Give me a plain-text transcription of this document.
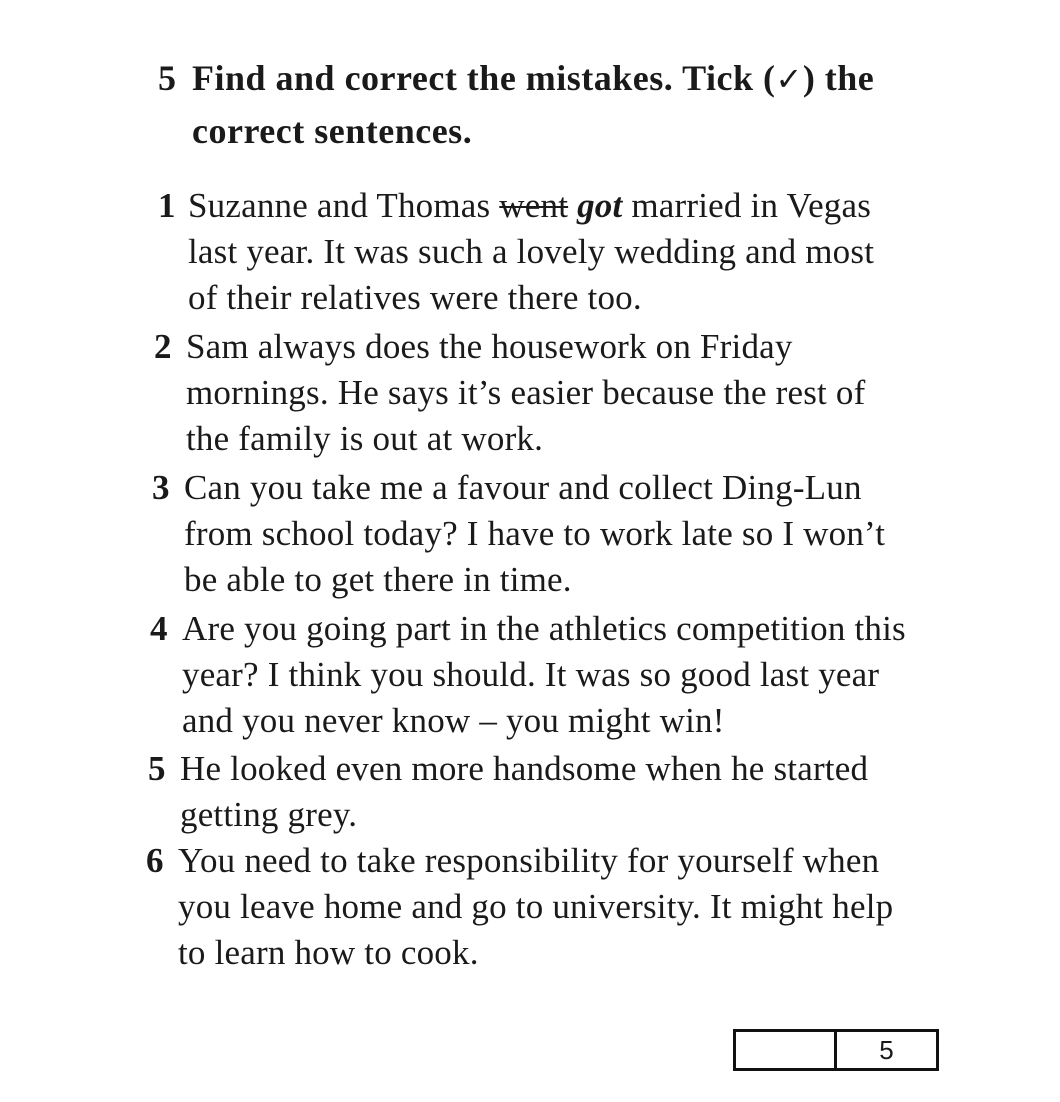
5 Find and correct the mistakes. Tick (✓) the
correct sentences.
1 Suzanne and Thomas went got married in Vegas
last year. It was such a lovely wedding and most
of their relatives were there too.
2 Sam always does the housework on Friday
mornings. He says it’s easier because the rest of
the family is out at work.
3 Can you take me a favour and collect Ding-Lun
from school today? I have to work late so I won’t
be able to get there in time.
4 Are you going part in the athletics competition this
year? I think you should. It was so good last year
and you never know – you might win!
5 He looked even more handsome when he started
getting grey.
6 You need to take responsibility for yourself when
you leave home and go to university. It might help
to learn how to cook.
5
